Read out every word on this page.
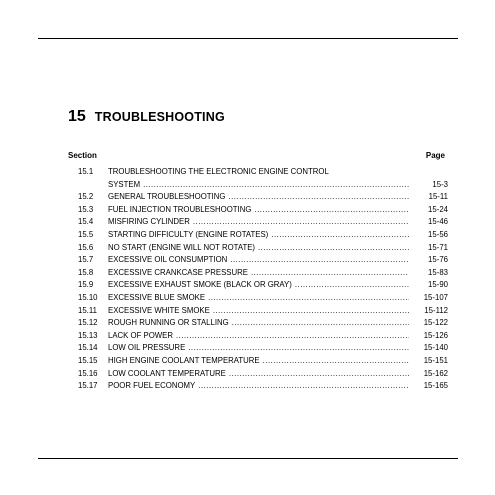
15 TROUBLESHOOTING
Section	Page
15.1 TROUBLESHOOTING THE ELECTRONIC ENGINE CONTROL
SYSTEM .....	15-3
15.2 GENERAL TROUBLESHOOTING .....	15-11
15.3 FUEL INJECTION TROUBLESHOOTING .....	15-24
15.4 MISFIRING CYLINDER .....	15-46
15.5 STARTING DIFFICULTY (ENGINE ROTATES) .....	15-56
15.6 NO START (ENGINE WILL NOT ROTATE) .....	15-71
15.7 EXCESSIVE OIL CONSUMPTION .....	15-76
15.8 EXCESSIVE CRANKCASE PRESSURE .....	15-83
15.9 EXCESSIVE EXHAUST SMOKE (BLACK OR GRAY) .....	15-90
15.10 EXCESSIVE BLUE SMOKE .....	15-107
15.11 EXCESSIVE WHITE SMOKE .....	15-112
15.12 ROUGH RUNNING OR STALLING .....	15-122
15.13 LACK OF POWER .....	15-126
15.14 LOW OIL PRESSURE .....	15-140
15.15 HIGH ENGINE COOLANT TEMPERATURE .....	15-151
15.16 LOW COOLANT TEMPERATURE .....	15-162
15.17 POOR FUEL ECONOMY .....	15-165
